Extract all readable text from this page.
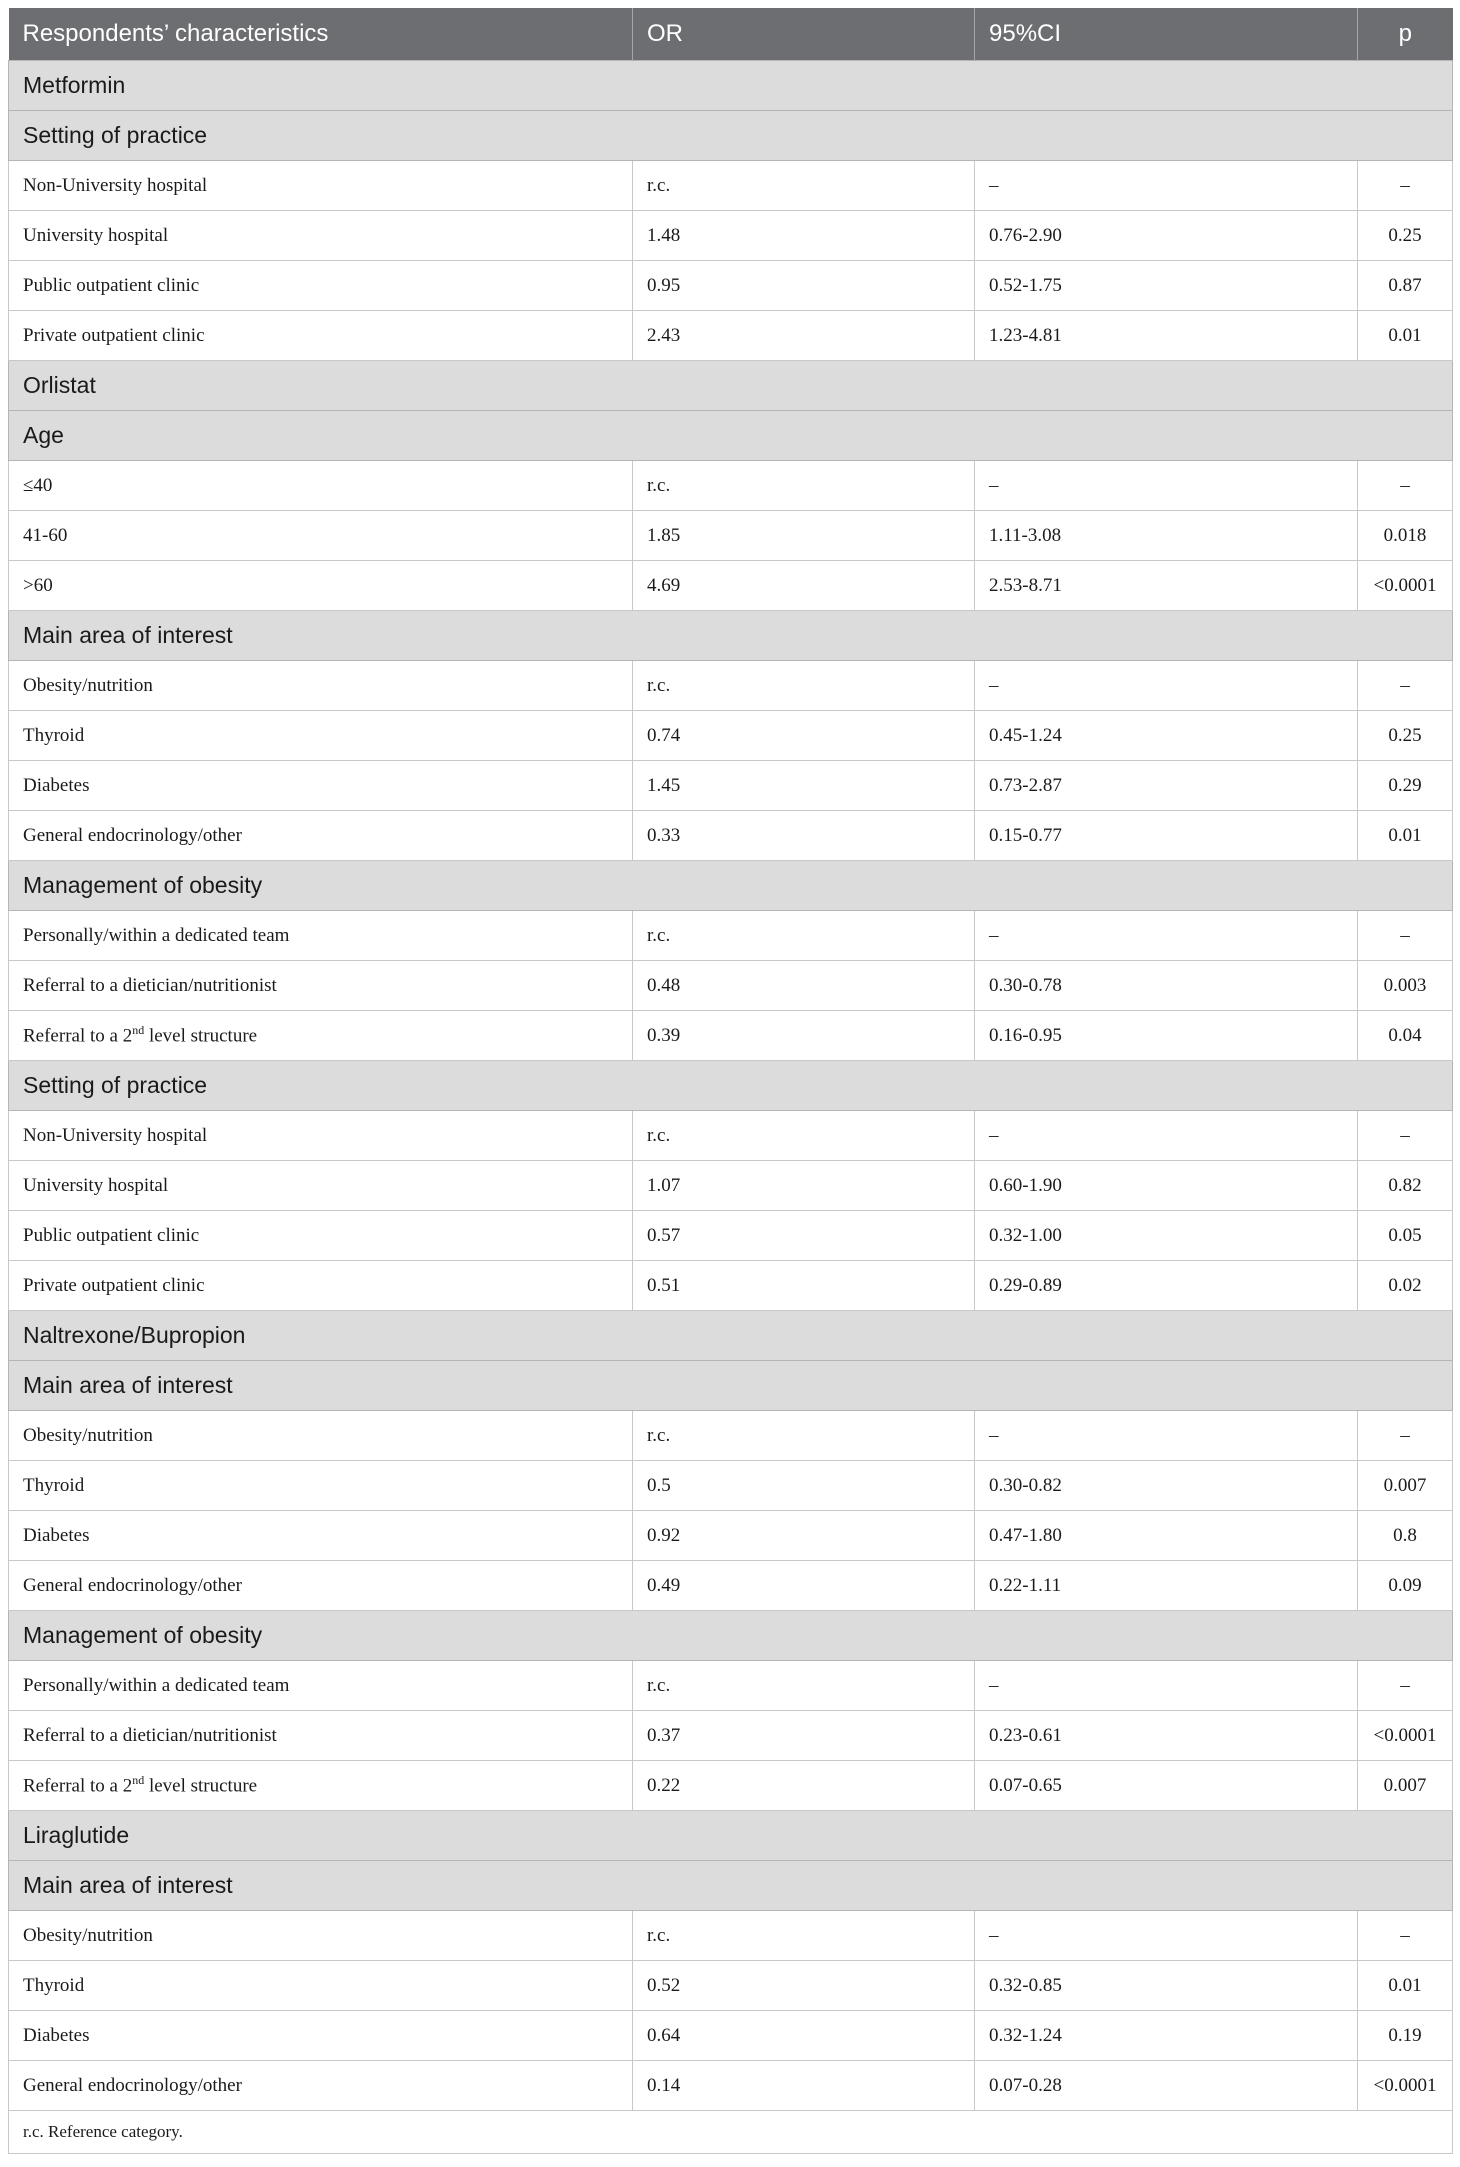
Respondents’ characteristics	OR	95%CI	p
Metformin			
Setting of practice			
Non-University hospital	r.c.	–	–
University hospital	1.48	0.76-2.90	0.25
Public outpatient clinic	0.95	0.52-1.75	0.87
Private outpatient clinic	2.43	1.23-4.81	0.01
Orlistat			
Age			
≤40	r.c.	–	–
41-60	1.85	1.11-3.08	0.018
>60	4.69	2.53-8.71	<0.0001
Main area of interest			
Obesity/nutrition	r.c.	–	–
Thyroid	0.74	0.45-1.24	0.25
Diabetes	1.45	0.73-2.87	0.29
General endocrinology/other	0.33	0.15-0.77	0.01
Management of obesity			
Personally/within a dedicated team	r.c.	–	–
Referral to a dietician/nutritionist	0.48	0.30-0.78	0.003
Referral to a 2nd level structure	0.39	0.16-0.95	0.04
Setting of practice			
Non-University hospital	r.c.	–	–
University hospital	1.07	0.60-1.90	0.82
Public outpatient clinic	0.57	0.32-1.00	0.05
Private outpatient clinic	0.51	0.29-0.89	0.02
Naltrexone/Bupropion			
Main area of interest			
Obesity/nutrition	r.c.	–	–
Thyroid	0.5	0.30-0.82	0.007
Diabetes	0.92	0.47-1.80	0.8
General endocrinology/other	0.49	0.22-1.11	0.09
Management of obesity			
Personally/within a dedicated team	r.c.	–	–
Referral to a dietician/nutritionist	0.37	0.23-0.61	<0.0001
Referral to a 2nd level structure	0.22	0.07-0.65	0.007
Liraglutide			
Main area of interest			
Obesity/nutrition	r.c.	–	–
Thyroid	0.52	0.32-0.85	0.01
Diabetes	0.64	0.32-1.24	0.19
General endocrinology/other	0.14	0.07-0.28	<0.0001
r.c. Reference category.			
